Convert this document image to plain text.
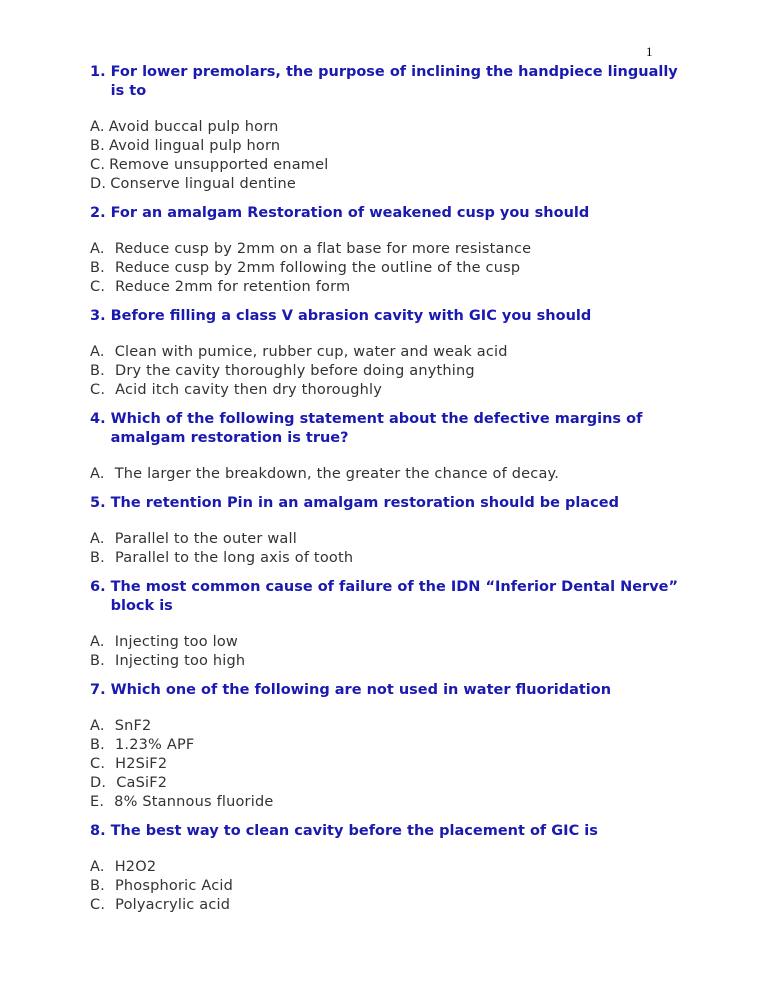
1
1. For lower premolars, the purpose of inclining the handpiece lingually is to
A. Avoid buccal pulp horn
B. Avoid lingual pulp horn
C. Remove unsupported enamel
D. Conserve lingual dentine
2. For an amalgam Restoration of weakened cusp you should
A. Reduce cusp by 2mm on a flat base for more resistance
B. Reduce cusp by 2mm following the outline of the cusp
C. Reduce 2mm for retention form
3. Before filling a class V abrasion cavity with GIC you should
A. Clean with pumice, rubber cup, water and weak acid
B. Dry the cavity thoroughly before doing anything
C. Acid itch cavity then dry thoroughly
4. Which of the following statement about the defective margins of amalgam restoration is true?
A. The larger the breakdown, the greater the chance of decay.
5. The retention Pin in an amalgam restoration should be placed
A. Parallel to the outer wall
B. Parallel to the long axis of tooth
6. The most common cause of failure of the IDN “Inferior Dental Nerve” block is
A. Injecting too low
B. Injecting too high
7. Which one of the following are not used in water fluoridation
A. SnF2
B. 1.23% APF
C. H2SiF2
D. CaSiF2
E. 8% Stannous fluoride
8. The best way to clean cavity before the placement of GIC is
A. H2O2
B. Phosphoric Acid
C. Polyacrylic acid
